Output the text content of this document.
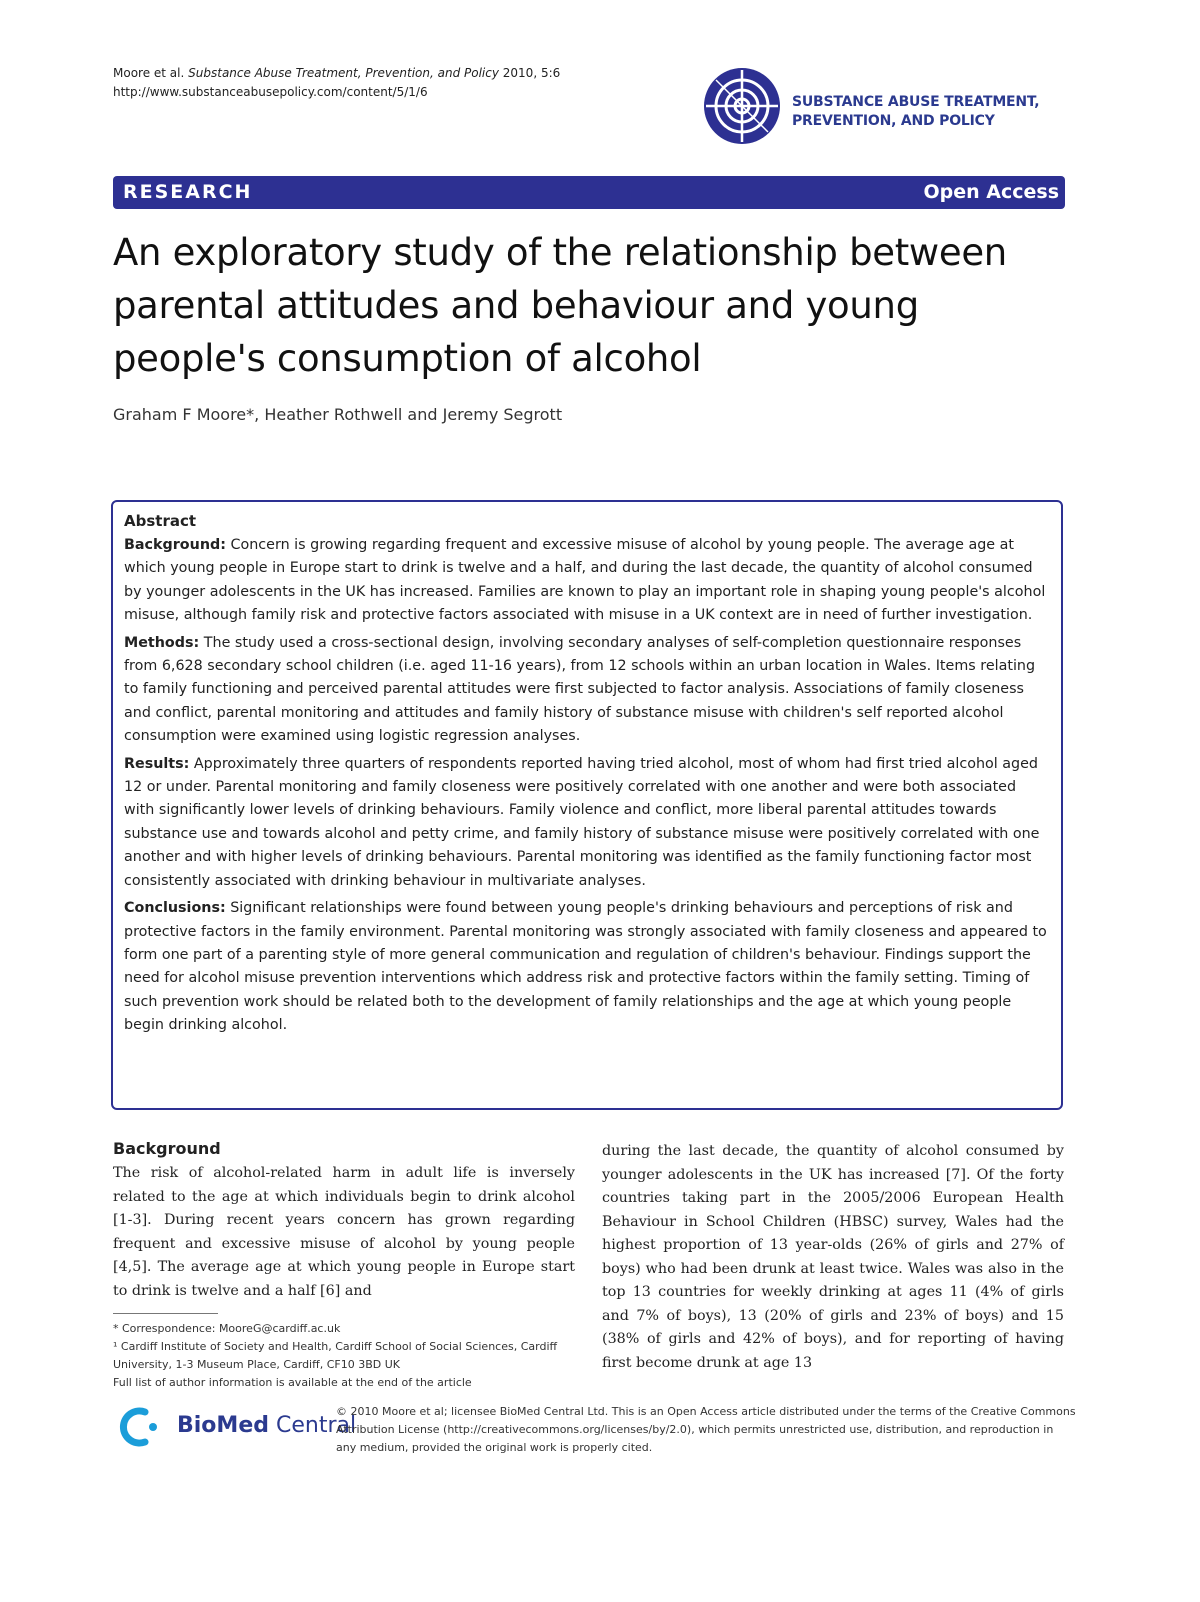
Moore et al. Substance Abuse Treatment, Prevention, and Policy 2010, 5:6
http://www.substanceabusepolicy.com/content/5/1/6
SUBSTANCE ABUSE TREATMENT,
PREVENTION, AND POLICY
RESEARCH	Open Access
An exploratory study of the relationship between
parental attitudes and behaviour and young
people's consumption of alcohol
Graham F Moore*, Heather Rothwell and Jeremy Segrott
Abstract

Background: Concern is growing regarding frequent and excessive misuse of alcohol by young people. The average age at which young people in Europe start to drink is twelve and a half, and during the last decade, the quantity of alcohol consumed by younger adolescents in the UK has increased. Families are known to play an important role in shaping young people's alcohol misuse, although family risk and protective factors associated with misuse in a UK context are in need of further investigation.

Methods: The study used a cross-sectional design, involving secondary analyses of self-completion questionnaire responses from 6,628 secondary school children (i.e. aged 11-16 years), from 12 schools within an urban location in Wales. Items relating to family functioning and perceived parental attitudes were first subjected to factor analysis. Associations of family closeness and conflict, parental monitoring and attitudes and family history of substance misuse with children's self reported alcohol consumption were examined using logistic regression analyses.

Results: Approximately three quarters of respondents reported having tried alcohol, most of whom had first tried alcohol aged 12 or under. Parental monitoring and family closeness were positively correlated with one another and were both associated with significantly lower levels of drinking behaviours. Family violence and conflict, more liberal parental attitudes towards substance use and towards alcohol and petty crime, and family history of substance misuse were positively correlated with one another and with higher levels of drinking behaviours. Parental monitoring was identified as the family functioning factor most consistently associated with drinking behaviour in multivariate analyses.

Conclusions: Significant relationships were found between young people's drinking behaviours and perceptions of risk and protective factors in the family environment. Parental monitoring was strongly associated with family closeness and appeared to form one part of a parenting style of more general communication and regulation of children's behaviour. Findings support the need for alcohol misuse prevention interventions which address risk and protective factors within the family setting. Timing of such prevention work should be related both to the development of family relationships and the age at which young people begin drinking alcohol.

Background

The risk of alcohol-related harm in adult life is inversely related to the age at which individuals begin to drink alcohol [1-3]. During recent years concern has grown regarding frequent and excessive misuse of alcohol by young people [4,5]. The average age at which young people in Europe start to drink is twelve and a half [6] and

during the last decade, the quantity of alcohol consumed by younger adolescents in the UK has increased [7]. Of the forty countries taking part in the 2005/2006 European Health Behaviour in School Children (HBSC) survey, Wales had the highest proportion of 13 year-olds (26% of girls and 27% of boys) who had been drunk at least twice. Wales was also in the top 13 countries for weekly drinking at ages 11 (4% of girls and 7% of boys), 13 (20% of girls and 23% of boys) and 15 (38% of girls and 42% of boys), and for reporting of having first become drunk at age 13

* Correspondence: MooreG@cardiff.ac.uk
¹ Cardiff Institute of Society and Health, Cardiff School of Social Sciences, Cardiff
University, 1-3 Museum Place, Cardiff, CF10 3BD UK
Full list of author information is available at the end of the article
BioMed Central
© 2010 Moore et al; licensee BioMed Central Ltd. This is an Open Access article distributed under the terms of the Creative Commons
Attribution License (http://creativecommons.org/licenses/by/2.0), which permits unrestricted use, distribution, and reproduction in
any medium, provided the original work is properly cited.
